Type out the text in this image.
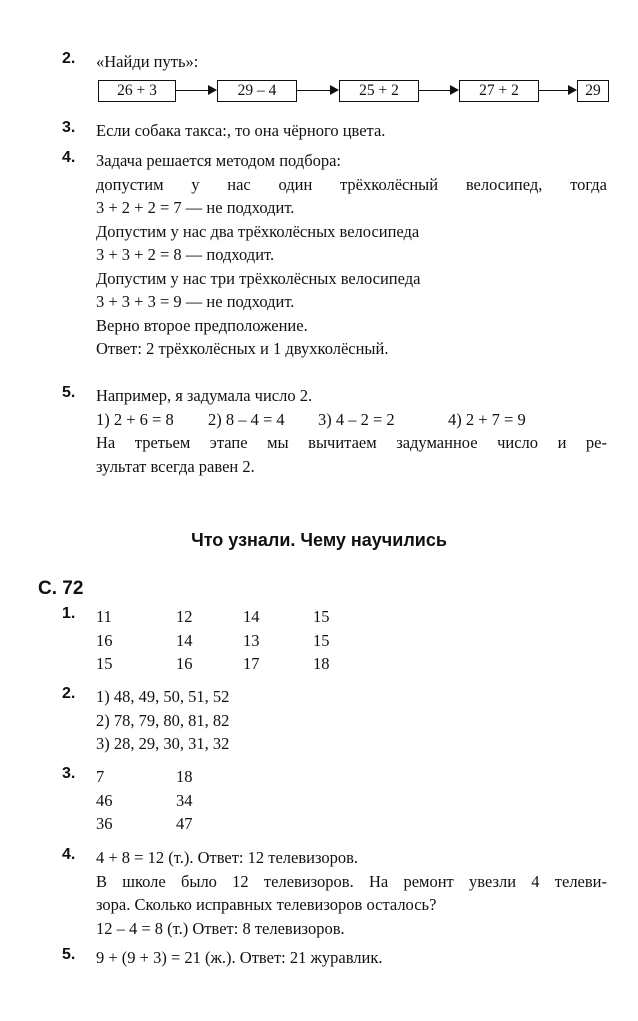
2. «Найди путь»:
26 + 3	29 – 4	25 + 2	27 + 2	29
3. Если собака такса:, то она чёрного цвета.
4. Задача решается методом подбора:
допустим у нас один трёхколёсный велосипед, тогда
3 + 2 + 2 = 7 — не подходит.
Допустим у нас два трёхколёсных велосипеда
3 + 3 + 2 = 8 — подходит.
Допустим у нас три трёхколёсных велосипеда
3 + 3 + 3 = 9 — не подходит.
Верно второе предположение.
Ответ: 2 трёхколёсных и 1 двухколёсный.
5. Например, я задумала число 2.
1) 2 + 6 = 8 2) 8 – 4 = 4 3) 4 – 2 = 2	4) 2 + 7 = 9
На третьем этапе мы вычитаем задуманное число и ре-
зультат всегда равен 2.
Что узнали. Чему научились
С. 72
1. 11	12	14	15
16	14	13	15
15	16	17	18
2. 1) 48, 49, 50, 51, 52
2) 78, 79, 80, 81, 82
3) 28, 29, 30, 31, 32
3. 7	18
46	34
36	47
4. 4 + 8 = 12 (т.). Ответ: 12 телевизоров.
В школе было 12 телевизоров. На ремонт увезли 4 телеви-
зора. Сколько исправных телевизоров осталось?
12 – 4 = 8 (т.) Ответ: 8 телевизоров.
5. 9 + (9 + 3) = 21 (ж.). Ответ: 21 журавлик.
